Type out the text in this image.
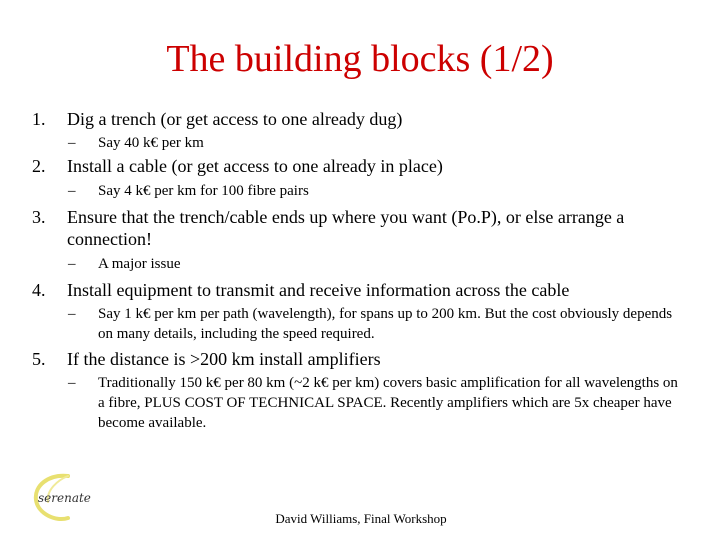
The building blocks (1/2)
1.	Dig a trench (or get access to one already dug)
–	Say 40 k€ per km
2.	Install a cable (or get access to one already in place)
–	Say 4 k€ per km for 100 fibre pairs
3.	Ensure that the trench/cable ends up where you want (Po.P), or else arrange a connection!
–	A major issue
4.	Install equipment to transmit and receive information across the cable
–	Say 1 k€ per km per path (wavelength), for spans up to 200 km. But the cost obviously depends on many details, including the speed required.
5.	If the distance is >200 km install amplifiers
–	Traditionally 150 k€ per 80 km (~2 k€ per km) covers basic amplification for all wavelengths on a fibre, PLUS COST OF TECHNICAL SPACE. Recently amplifiers which are 5x cheaper have become available.
serenate
David Williams, Final Workshop
